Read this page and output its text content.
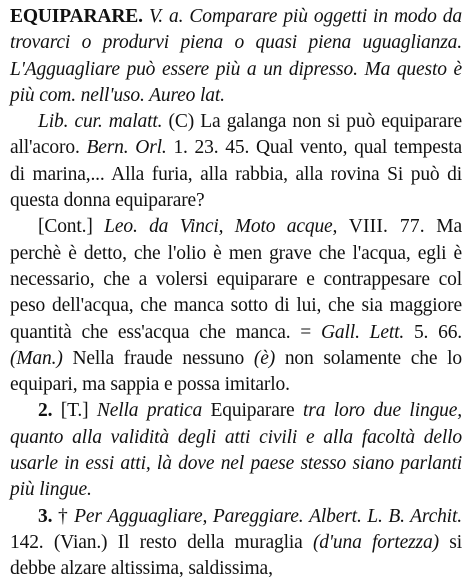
EQUIPARARE. V. a. Comparare più oggetti in modo da trovarci o produrvi piena o quasi piena uguaglianza. L'Agguagliare può essere più a un dipresso. Ma questo è più com. nell'uso. Aureo lat.

Lib. cur. malatt. (C) La galanga non si può equiparare all'acoro. Bern. Orl. 1. 23. 45. Qual vento, qual tempesta di marina,... Alla furia, alla rabbia, alla rovina Si può di questa donna equiparare?

[Cont.] Leo. da Vinci, Moto acque, VIII. 77. Ma perchè è detto, che l'olio è men grave che l'acqua, egli è necessario, che a volersi equiparare e contrappesare col peso dell'acqua, che manca sotto di lui, che sia maggiore quantità che ess'acqua che manca. = Gall. Lett. 5. 66. (Man.) Nella fraude nessuno (è) non solamente che lo equipari, ma sappia e possa imitarlo.

2. [T.] Nella pratica Equiparare tra loro due lingue, quanto alla validità degli atti civili e alla facoltà dello usarle in essi atti, là dove nel paese stesso siano parlanti più lingue.

3. † Per Agguagliare, Pareggiare. Albert. L. B. Archit. 142. (Vian.) Il resto della muraglia (d'una fortezza) si debbe alzare altissima, saldissima,
